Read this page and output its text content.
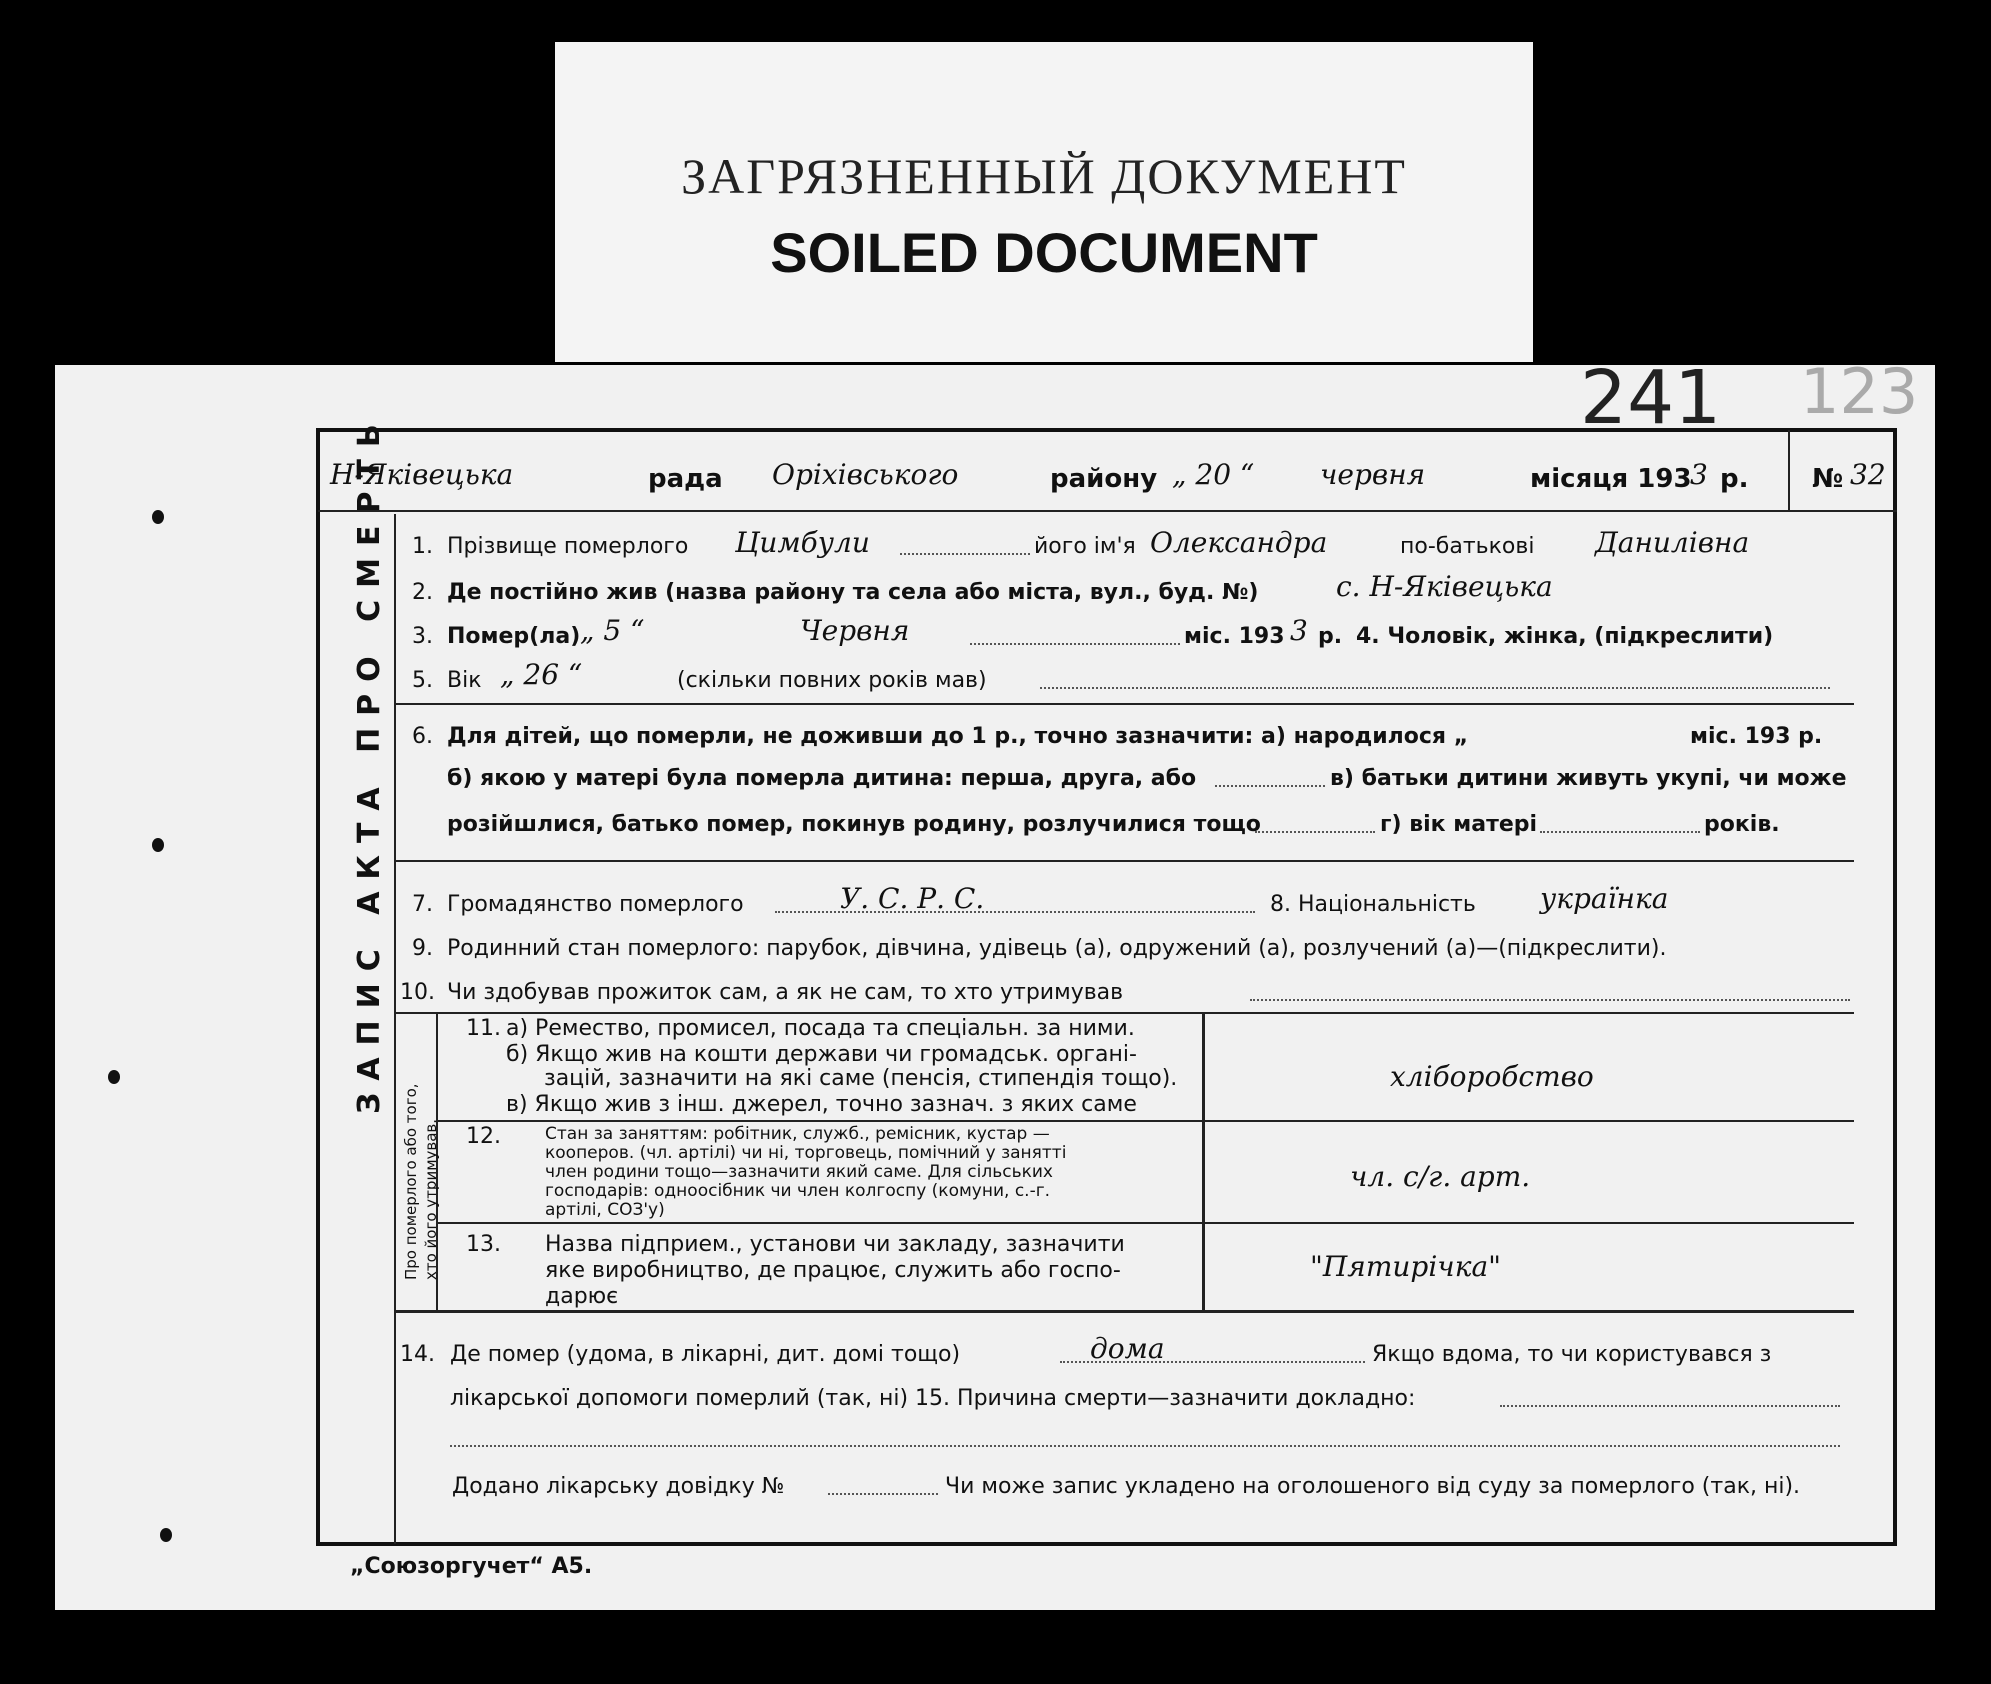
ЗАГРЯЗНЕННЫЙ ДОКУМЕНТ
SOILED DOCUMENT
241 123
ЗАПИС АКТА ПРО СМЕРТЬ
Н-Яківецька	рада Оріхівського	району „ 20 “ червня	місяця 193
3 р. № 32
1. Прізвище померлого Цимбули	його ім'я Олександра	по-батькові Данилівна
2. Де постійно жив (назва району та села або міста, вул., буд. №)	с. Н-Яківецька
3. Помер(ла) „ 5 “	Червня	міс. 193 3 р. 4. Чоловік, жінка, (підкреслити)
5. Вік „ 26 “	(скільки повних років мав)
6. Для дітей, що померли, не доживши до 1 р., точно зазначити: а) народилося „	міс. 193 р.
б) якою у матері була померла дитина: перша, друга, або	в) батьки дитини живуть укупі, чи може
розійшлися, батько помер, покинув родину, розлучилися тощо	г) вік матері	років.
7. Громадянство померлого	У. С. Р. С.	8. Національність українка
9. Родинний стан померлого: парубок, дівчина, удівець (а), одружений (а), розлучений (а)—(підкреслити).
10. Чи здобував прожиток сам, а як не сам, то хто утримував
Про померлого або того, хто його утримував.
11. а) Ремество, промисел, посада та спеціальн. за ними.
б) Якщо жив на кошти держави чи громадськ. органі-
зацій, зазначити на які саме (пенсія, стипендія тощо).
в) Якщо жив з інш. джерел, точно зазнач. з яких саме
хліборобство
12.	Стан за заняттям: робітник, служб., ремісник, кустар —
кооперов. (чл. артілі) чи ні, торговець, помічний у занятті
член родини тощо—зазначити який саме. Для сільських
господарів: одноосібник чи член колгоспу (комуни, с.-г.
артілі, СОЗ'у)
чл. с/г. арт.
13. Назва підприем., установи чи закладу, зазначити
яке виробництво, де працює, служить або госпо-
дарює
"Пятирічка"
14. Де помер (удома, в лікарні, дит. домі тощо)	дома	Якщо вдома, то чи користувався з
лікарської допомоги померлий (так, ні) 15. Причина смерти—зазначити докладно:
Додано лікарську довідку №	Чи може запис укладено на оголошеного від суду за померлого (так, ні).
„Союзоргучет“ А5.
